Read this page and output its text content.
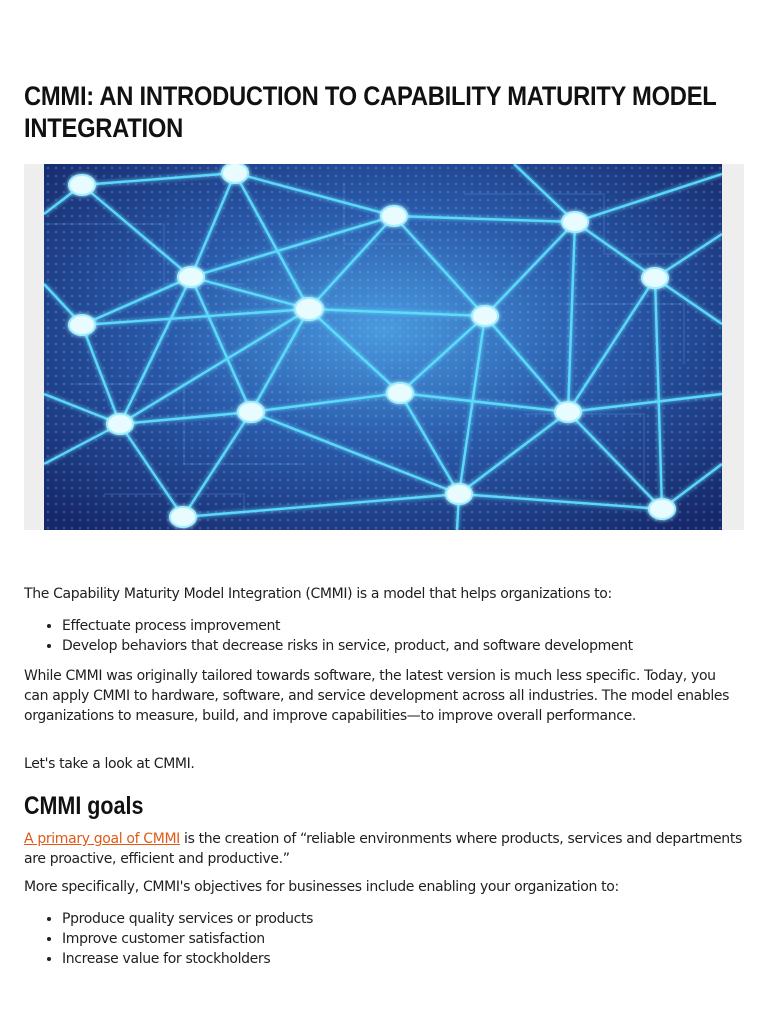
CMMI: AN INTRODUCTION TO CAPABILITY MATURITY MODEL INTEGRATION

The Capability Maturity Model Integration (CMMI) is a model that helps organizations to:

• Effectuate process improvement
• Develop behaviors that decrease risks in service, product, and software development

While CMMI was originally tailored towards software, the latest version is much less specific. Today, you can apply CMMI to hardware, software, and service development across all industries. The model enables organizations to measure, build, and improve capabilities—to improve overall performance.

Let's take a look at CMMI.

CMMI goals

A primary goal of CMMI is the creation of “reliable environments where products, services and departments are proactive, efficient and productive.”

More specifically, CMMI's objectives for businesses include enabling your organization to:

• Pproduce quality services or products
• Improve customer satisfaction
• Increase value for stockholders
